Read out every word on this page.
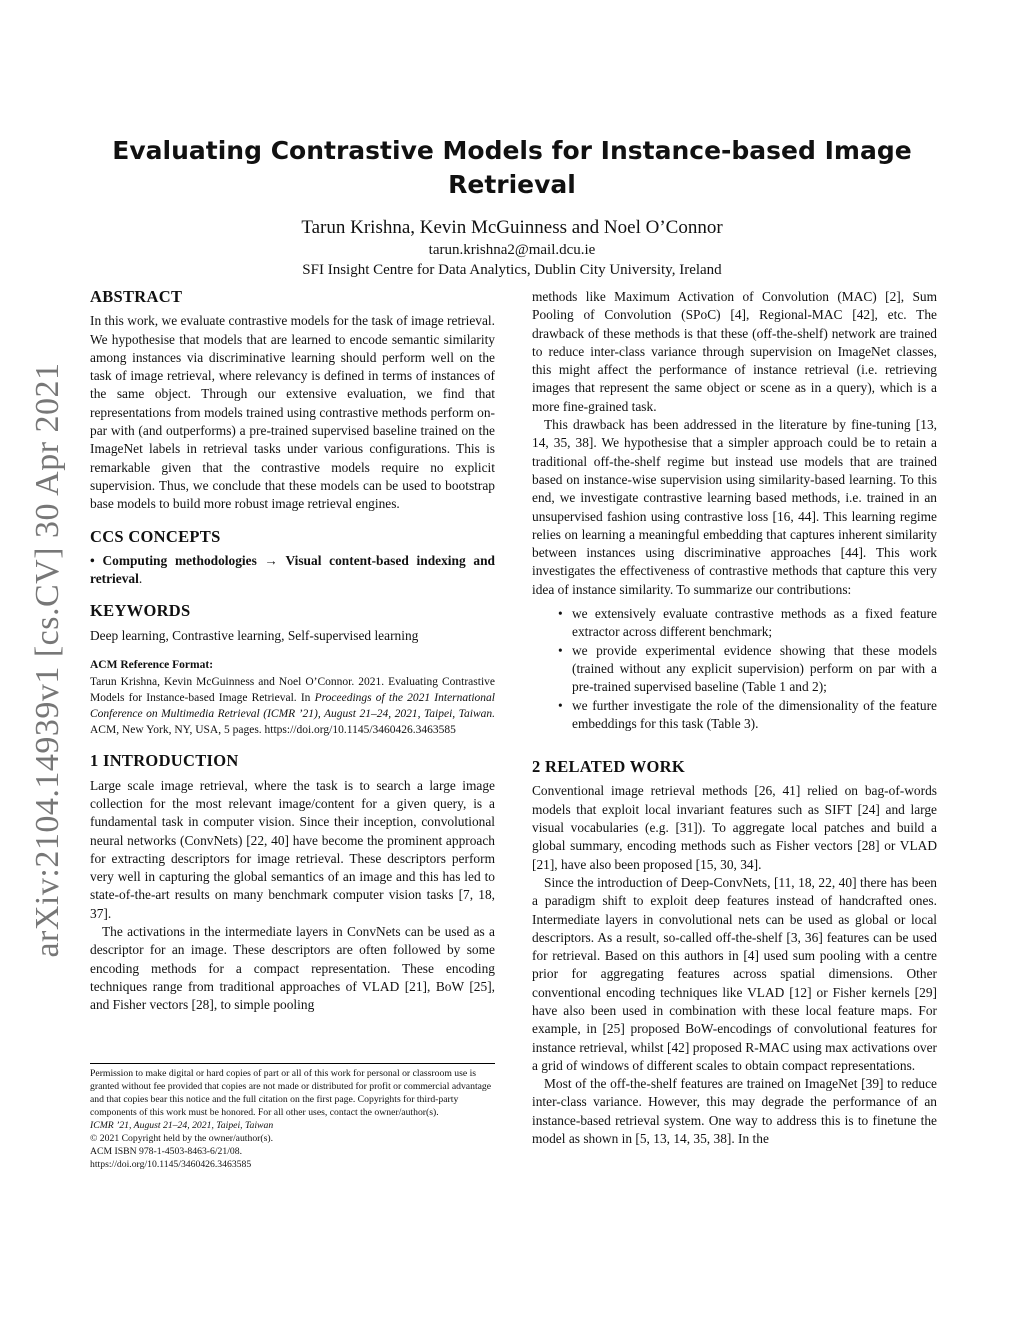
arXiv:2104.14939v1 [cs.CV] 30 Apr 2021
Evaluating Contrastive Models for Instance-based Image
Retrieval
Tarun Krishna, Kevin McGuinness and Noel O’Connor
tarun.krishna2@mail.dcu.ie
SFI Insight Centre for Data Analytics, Dublin City University, Ireland
ABSTRACT

In this work, we evaluate contrastive models for the task of image retrieval. We hypothesise that models that are learned to encode semantic similarity among instances via discriminative learning should perform well on the task of image retrieval, where relevancy is defined in terms of instances of the same object. Through our extensive evaluation, we find that representations from models trained using contrastive methods perform on-par with (and outperforms) a pre-trained supervised baseline trained on the ImageNet labels in retrieval tasks under various configurations. This is remarkable given that the contrastive models require no explicit supervision. Thus, we conclude that these models can be used to bootstrap base models to build more robust image retrieval engines.

CCS CONCEPTS

• Computing methodologies → Visual content-based indexing and retrieval.

KEYWORDS

Deep learning, Contrastive learning, Self-supervised learning

ACM Reference Format:

Tarun Krishna, Kevin McGuinness and Noel O’Connor. 2021. Evaluating Contrastive Models for Instance-based Image Retrieval. In Proceedings of the 2021 International Conference on Multimedia Retrieval (ICMR ’21), August 21–24, 2021, Taipei, Taiwan. ACM, New York, NY, USA, 5 pages. https://doi.org/10.1145/3460426.3463585

1 INTRODUCTION

Large scale image retrieval, where the task is to search a large image collection for the most relevant image/content for a given query, is a fundamental task in computer vision. Since their inception, convolutional neural networks (ConvNets) [22, 40] have become the prominent approach for extracting descriptors for image retrieval. These descriptors perform very well in capturing the global semantics of an image and this has led to state-of-the-art results on many benchmark computer vision tasks [7, 18, 37].

The activations in the intermediate layers in ConvNets can be used as a descriptor for an image. These descriptors are often followed by some encoding methods for a compact representation. These encoding techniques range from traditional approaches of VLAD [21], BoW [25], and Fisher vectors [28], to simple pooling

Permission to make digital or hard copies of part or all of this work for personal or classroom use is granted without fee provided that copies are not made or distributed for profit or commercial advantage and that copies bear this notice and the full citation on the first page. Copyrights for third-party components of this work must be honored. For all other uses, contact the owner/author(s).
ICMR ’21, August 21–24, 2021, Taipei, Taiwan
© 2021 Copyright held by the owner/author(s).
ACM ISBN 978-1-4503-8463-6/21/08.
https://doi.org/10.1145/3460426.3463585

methods like Maximum Activation of Convolution (MAC) [2], Sum Pooling of Convolution (SPoC) [4], Regional-MAC [42], etc. The drawback of these methods is that these (off-the-shelf) network are trained to reduce inter-class variance through supervision on ImageNet classes, this might affect the performance of instance retrieval (i.e. retrieving images that represent the same object or scene as in a query), which is a more fine-grained task.

This drawback has been addressed in the literature by fine-tuning [13, 14, 35, 38]. We hypothesise that a simpler approach could be to retain a traditional off-the-shelf regime but instead use models that are trained based on instance-wise supervision using similarity-based learning. To this end, we investigate contrastive learning based methods, i.e. trained in an unsupervised fashion using contrastive loss [16, 44]. This learning regime relies on learning a meaningful embedding that captures inherent similarity between instances using discriminative approaches [44]. This work investigates the effectiveness of contrastive methods that capture this very idea of instance similarity. To summarize our contributions:

• we extensively evaluate contrastive methods as a fixed feature extractor across different benchmark;
• we provide experimental evidence showing that these models (trained without any explicit supervision) perform on par with a pre-trained supervised baseline (Table 1 and 2);
• we further investigate the role of the dimensionality of the feature embeddings for this task (Table 3).
2 RELATED WORK

Conventional image retrieval methods [26, 41] relied on bag-of-words models that exploit local invariant features such as SIFT [24] and large visual vocabularies (e.g. [31]). To aggregate local patches and build a global summary, encoding methods such as Fisher vectors [28] or VLAD [21], have also been proposed [15, 30, 34].

Since the introduction of Deep-ConvNets, [11, 18, 22, 40] there has been a paradigm shift to exploit deep features instead of handcrafted ones. Intermediate layers in convolutional nets can be used as global or local descriptors. As a result, so-called off-the-shelf [3, 36] features can be used for retrieval. Based on this authors in [4] used sum pooling with a centre prior for aggregating features across spatial dimensions. Other conventional encoding techniques like VLAD [12] or Fisher kernels [29] have also been used in combination with these local feature maps. For example, in [25] proposed BoW-encodings of convolutional features for instance retrieval, whilst [42] proposed R-MAC using max activations over a grid of windows of different scales to obtain compact representations.

Most of the off-the-shelf features are trained on ImageNet [39] to reduce inter-class variance. However, this may degrade the performance of an instance-based retrieval system. One way to address this is to finetune the model as shown in [5, 13, 14, 35, 38]. In the
